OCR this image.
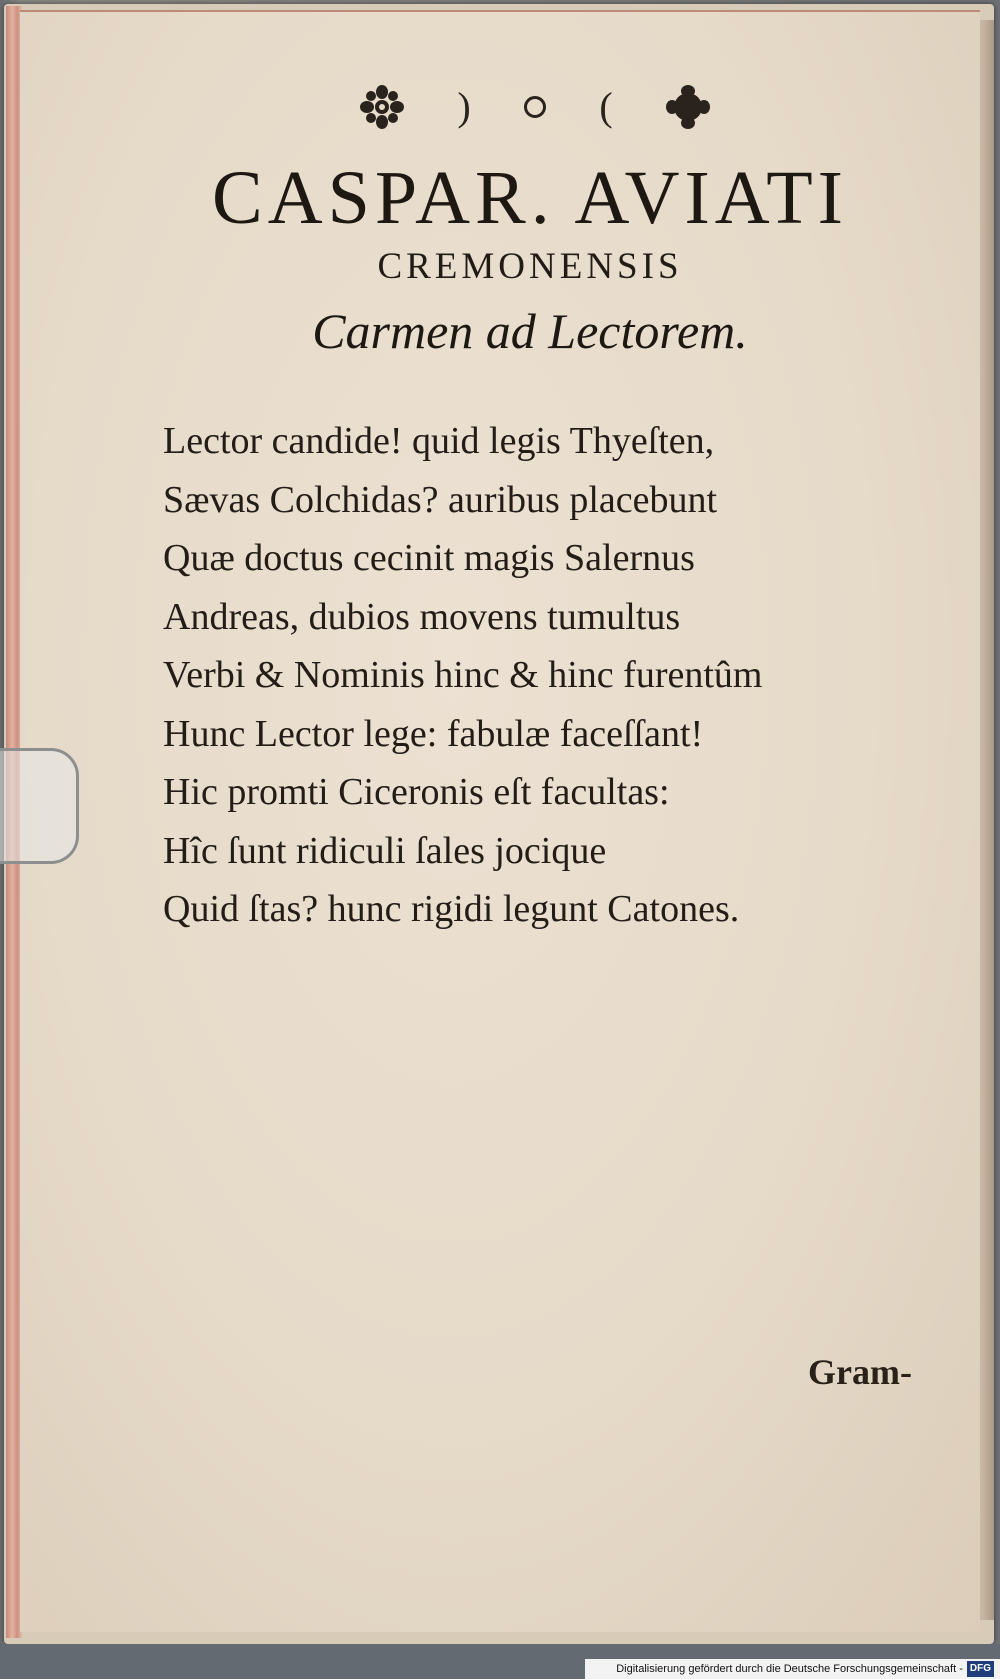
)	(
CASPAR. AVIATI
CREMONENSIS
Carmen ad Lectorem.
Lector candide! quid legis Thyeſten,
Sævas Colchidas? auribus placebunt
Quæ doctus cecinit magis Salernus
Andreas, dubios movens tumultus
Verbi & Nominis hinc & hinc furentûm
Hunc Lector lege: fabulæ faceſſant!
Hic promti Ciceronis eſt facultas:
Hîc ſunt ridiculi ſales jocique
Quid ſtas? hunc rigidi legunt Catones.
Gram-
Digitalisierung gefördert durch die Deutsche Forschungsgemeinschaft - DFG
